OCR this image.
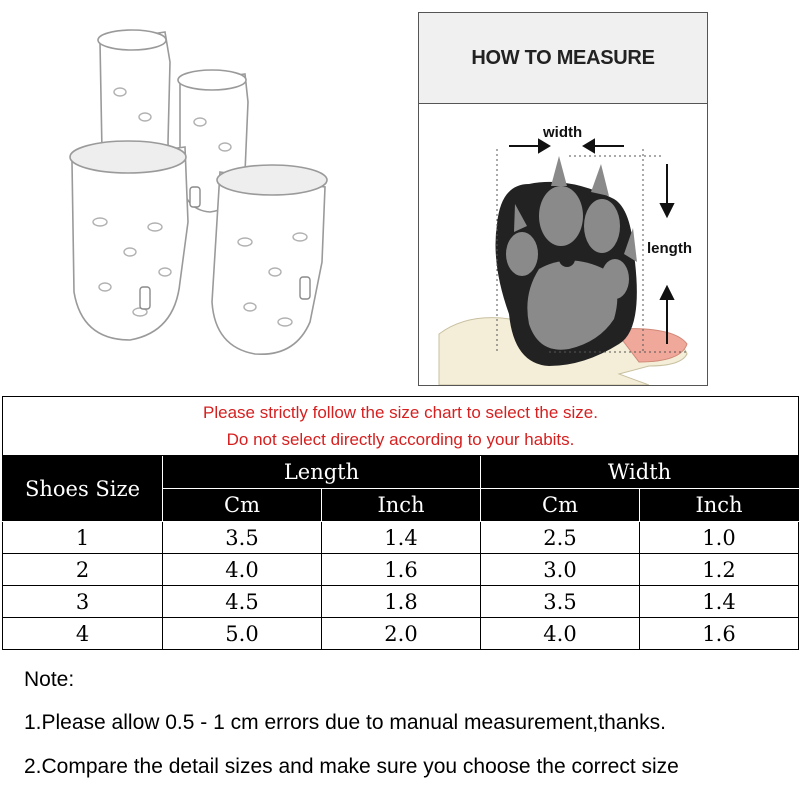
HOW TO MEASURE
width
length
Please strictly follow the size chart to select the size.
Do not select directly according to your habits.				

Shoes Size	Length		Width	
	Cm	Inch	Cm	Inch
1	3.5	1.4	2.5	1.0
2	4.0	1.6	3.0	1.2
3	4.5	1.8	3.5	1.4
4	5.0	2.0	4.0	1.6
Note:
1.Please allow 0.5 - 1 cm errors due to manual measurement,thanks.
2.Compare the detail sizes and make sure you choose the correct size
